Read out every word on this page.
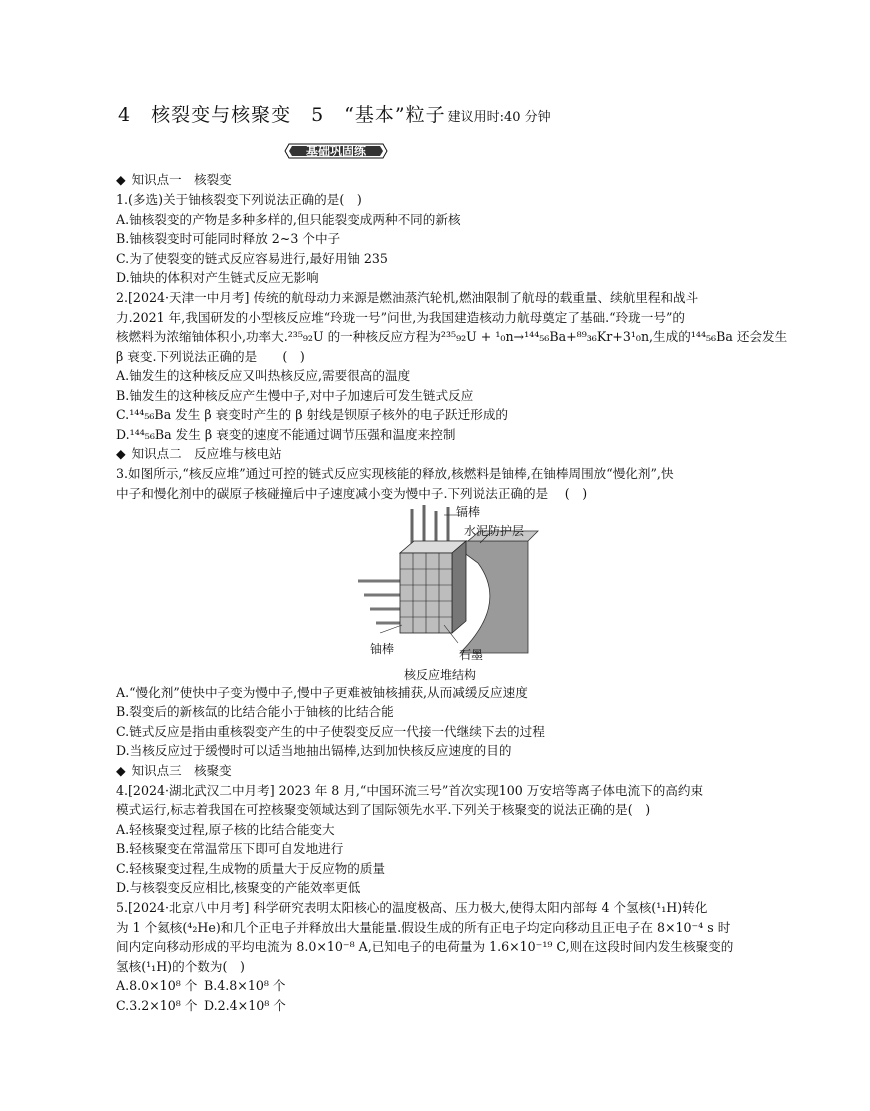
4　核裂变与核聚变　5　“基本”粒子 建议用时:40 分钟
基础巩固练
◆ 知识点一　核裂变
1.(多选)关于铀核裂变下列说法正确的是(　)
A.铀核裂变的产物是多种多样的,但只能裂变成两种不同的新核
B.铀核裂变时可能同时释放 2~3 个中子
C.为了使裂变的链式反应容易进行,最好用铀 235
D.铀块的体积对产生链式反应无影响
2.[2024·天津一中月考] 传统的航母动力来源是燃油蒸汽轮机,燃油限制了航母的载重量、续航里程和战斗
力.2021 年,我国研发的小型核反应堆“玲珑一号”问世,为我国建造核动力航母奠定了基础.“玲珑一号”的
核燃料为浓缩铀体积小,功率大.²³⁵₉₂U 的一种核反应方程为²³⁵₉₂U + ¹₀n→¹⁴⁴₅₆Ba+⁸⁹₃₆Kr+3¹₀n,生成的¹⁴⁴₅₆Ba 还会发生
β 衰变.下列说法正确的是　　(　)
A.铀发生的这种核反应又叫热核反应,需要很高的温度
B.铀发生的这种核反应产生慢中子,对中子加速后可发生链式反应
C.¹⁴⁴₅₆Ba 发生 β 衰变时产生的 β 射线是钡原子核外的电子跃迁形成的
D.¹⁴⁴₅₆Ba 发生 β 衰变的速度不能通过调节压强和温度来控制
◆ 知识点二　反应堆与核电站
3.如图所示,“核反应堆”通过可控的链式反应实现核能的释放,核燃料是铀棒,在铀棒周围放“慢化剂”,快
中子和慢化剂中的碳原子核碰撞后中子速度减小变为慢中子.下列说法正确的是　 (　)
镉棒
水泥防护层
铀棒	石墨
核反应堆结构
A.“慢化剂”使快中子变为慢中子,慢中子更难被铀核捕获,从而减缓反应速度
B.裂变后的新核氙的比结合能小于铀核的比结合能
C.链式反应是指由重核裂变产生的中子使裂变反应一代接一代继续下去的过程
D.当核反应过于缓慢时可以适当地抽出镉棒,达到加快核反应速度的目的
◆ 知识点三　核聚变
4.[2024·湖北武汉二中月考] 2023 年 8 月,“中国环流三号”首次实现100 万安培等离子体电流下的高约束
模式运行,标志着我国在可控核聚变领域达到了国际领先水平.下列关于核聚变的说法正确的是(　)
A.轻核聚变过程,原子核的比结合能变大
B.轻核聚变在常温常压下即可自发地进行
C.轻核聚变过程,生成物的质量大于反应物的质量
D.与核裂变反应相比,核聚变的产能效率更低
5.[2024·北京八中月考] 科学研究表明太阳核心的温度极高、压力极大,使得太阳内部每 4 个氢核(¹₁H)转化
为 1 个氦核(⁴₂He)和几个正电子并释放出大量能量.假设生成的所有正电子均定向移动且正电子在 8×10⁻⁴ s 时
间内定向移动形成的平均电流为 8.0×10⁻⁸ A,已知电子的电荷量为 1.6×10⁻¹⁹ C,则在这段时间内发生核聚变的
氢核(¹₁H)的个数为(　)
A.8.0×10⁸ 个 B.4.8×10⁸ 个
C.3.2×10⁸ 个 D.2.4×10⁸ 个
